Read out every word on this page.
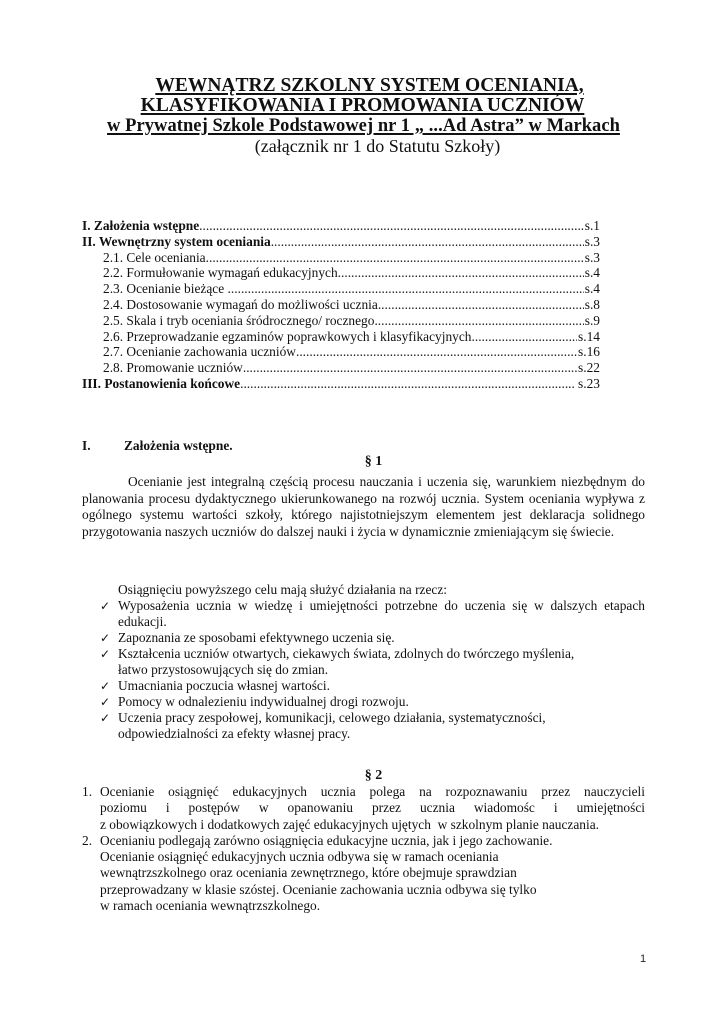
WEWNĄTRZ SZKOLNY SYSTEM OCENIANIA,
KLASYFIKOWANIA I PROMOWANIA UCZNIÓW
w Prywatnej Szkole Podstawowej nr 1 „ ...Ad Astra” w Markach
(załącznik nr 1 do Statutu Szkoły)
I. Założenia wstępne .....	s.1
II. Wewnętrzny system oceniania .....	s.3
2.1. Cele oceniania .....	s.3
2.2. Formułowanie wymagań edukacyjnych .....	s.4
2.3. Ocenianie bieżące .....	s.4
2.4. Dostosowanie wymagań do możliwości ucznia .....	s.8
2.5. Skala i tryb oceniania śródrocznego/ rocznego .....	s.9
2.6. Przeprowadzanie egzaminów poprawkowych i klasyfikacyjnych .....	s.14
2.7. Ocenianie zachowania uczniów .....	s.16
2.8. Promowanie uczniów .....	s.22
III. Postanowienia końcowe .....	s.23
I. Założenia wstępne.
§ 1

Ocenianie jest integralną częścią procesu nauczania i uczenia się, warunkiem niezbędnym do planowania procesu dydaktycznego ukierunkowanego na rozwój ucznia. System oceniania wypływa z ogólnego systemu wartości szkoły, którego najistotniejszym elementem jest deklaracja solidnego przygotowania naszych uczniów do dalszej nauki i życia w dynamicznie zmieniającym się świecie.

Osiągnięciu powyższego celu mają służyć działania na rzecz:
✓ Wyposażenia ucznia w wiedzę i umiejętności potrzebne do uczenia się w dalszych etapach edukacji.
✓ Zapoznania ze sposobami efektywnego uczenia się.
✓ Kształcenia uczniów otwartych, ciekawych świata, zdolnych do twórczego myślenia,
łatwo przystosowujących się do zmian.
✓ Umacniania poczucia własnej wartości.
✓ Pomocy w odnalezieniu indywidualnej drogi rozwoju.
✓ Uczenia pracy zespołowej, komunikacji, celowego działania, systematyczności,
odpowiedzialności za efekty własnej pracy.
§ 2
1. Ocenianie osiągnięć edukacyjnych ucznia polega na rozpoznawaniu przez nauczycieli
poziomu i postępów w opanowaniu przez ucznia wiadomośc i umiejętności
z obowiązkowych i dodatkowych zajęć edukacyjnych ujętych  w szkolnym planie nauczania.
2. Ocenianiu podlegają zarówno osiągnięcia edukacyjne ucznia, jak i jego zachowanie.
Ocenianie osiągnięć edukacyjnych ucznia odbywa się w ramach oceniania
wewnątrzszkolnego oraz oceniania zewnętrznego, które obejmuje sprawdzian
przeprowadzany w klasie szóstej. Ocenianie zachowania ucznia odbywa się tylko
w ramach oceniania wewnątrzszkolnego.
1
